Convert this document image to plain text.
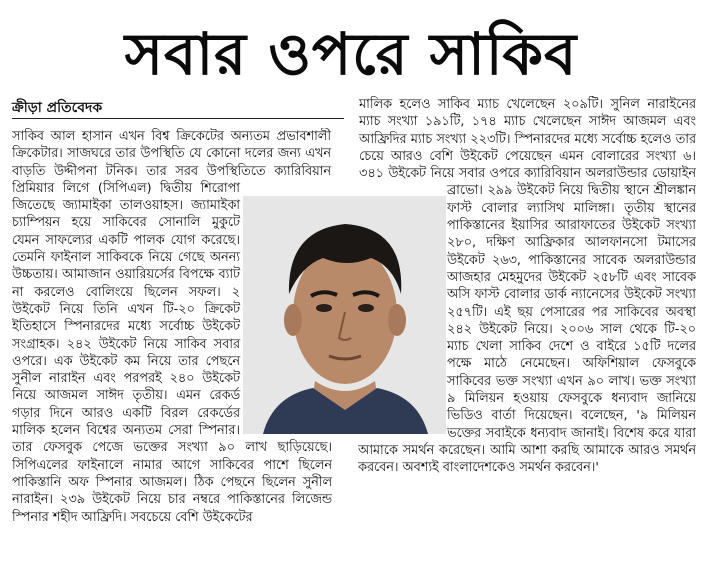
সবার ওপরে সাকিব
ক্রীড়া প্রতিবেদক
সাকিব আল হাসান এখন বিশ্ব ক্রিকেটের অন্যতম প্রভাবশালী ক্রিকেটার। সাজঘরে তার উপস্থিতি যে কোনো দলের জন্য এখন বাড়তি উদ্দীপনা টনিক। তার সরব উপস্থিতিতে ক্যারিবিয়ান প্রিমিয়ার লিগে (সিপিএল) দ্বিতীয় শিরোপা জিতেছে জ্যামাইকা তালওয়াহস। জ্যামাইকা চ্যাম্পিয়ন হয়ে সাকিবের সোনালি মুকুটে যেমন সাফল্যের একটি পালক যোগ করেছে। তেমনি ফাইনাল সাকিবকে নিয়ে গেছে অনন্য উচ্চতায়। আমাজান ওয়ারিয়র্সের বিপক্ষে ব্যাট না করলেও বোলিংয়ে ছিলেন সফল। ২ উইকেট নিয়ে তিনি এখন টি-২০ ক্রিকেট ইতিহাসে স্পিনারদের মধ্যে সর্বোচ্চ উইকেট সংগ্রাহক। ২৪২ উইকেট নিয়ে সাকিব সবার ওপরে। এক উইকেট কম নিয়ে তার পেছনে সুনীল নারাইন এবং পরপরই ২৪০ উইকেট নিয়ে আজমল সাঈদ তৃতীয়। এমন রেকর্ড গড়ার দিনে আরও একটি বিরল রেকর্ডের মালিক হলেন বিশ্বের অন্যতম সেরা স্পিনার। তার ফেসবুক পেজে ভক্তের সংখ্যা ৯০ লাখ ছাড়িয়েছে। সিপিএলের ফাইনালে নামার আগে সাকিবের পাশে ছিলেন পাকিস্তানি অফ স্পিনার আজমল। ঠিক পেছনে ছিলেন সুনীল নারাইন। ২৩৯ উইকেট নিয়ে চার নম্বরে পাকিস্তানের লিজেন্ড স্পিনার শহীদ আফ্রিদি। সবচেয়ে বেশি উইকেটের
মালিক হলেও সাকিব ম্যাচ খেলেছেন ২০৯টি। সুনিল নারাইনের ম্যাচ সংখ্যা ১৯১টি, ১৭৪ ম্যাচ খেলেছেন সাঈদ আজমল এবং আফ্রিদির ম্যাচ সংখ্যা ২২৩টি। স্পিনারদের মধ্যে সর্বোচ্চ হলেও তার চেয়ে আরও বেশি উইকেট পেয়েছেন এমন বোলারের সংখ্যা ৬। ৩৪১ উইকেট নিয়ে সবার ওপরে ক্যারিবিয়ান অলরাউন্ডার ডোয়াইন ব্রাভো। ২৯৯ উইকেট নিয়ে দ্বিতীয় স্থানে শ্রীলঙ্কান ফাস্ট বোলার ল্যাসিথ মালিঙ্গা। তৃতীয় স্থানের পাকিস্তানের ইয়াসির আরাফাতের উইকেট সংখ্যা ২৮০, দক্ষিণ আফ্রিকার আলফানসো টমাসের উইকেট ২৬৩, পাকিস্তানের সাবেক অলরাউন্ডার আজহার মেহমুদের উইকেট ২৫৮টি এবং সাবেক অসি ফাস্ট বোলার ডার্ক ন্যানেসের উইকেট সংখ্যা ২৫৭টি। এই ছয় পেসারের পর সাকিবের অবস্থা ২৪২ উইকেট নিয়ে। ২০০৬ সাল থেকে টি-২০ ম্যাচ খেলা সাকিব দেশে ও বাইরে ১৫টি দলের পক্ষে মাঠে নেমেছেন। অফিশিয়াল ফেসবুকে সাকিবের ভক্ত সংখ্যা এখন ৯০ লাখ। ভক্ত সংখ্যা ৯ মিলিয়ন হওয়ায় ফেসবুকে ধন্যবাদ জানিয়ে ভিডিও বার্তা দিয়েছেন। বলেছেন, '৯ মিলিয়ন ভক্তের সবাইকে ধন্যবাদ জানাই। বিশেষ করে যারা আমাকে সমর্থন করেছেন। আমি আশা করছি আমাকে আরও সমর্থন করবেন। অবশ্যই বাংলাদেশকেও সমর্থন করবেন।'
